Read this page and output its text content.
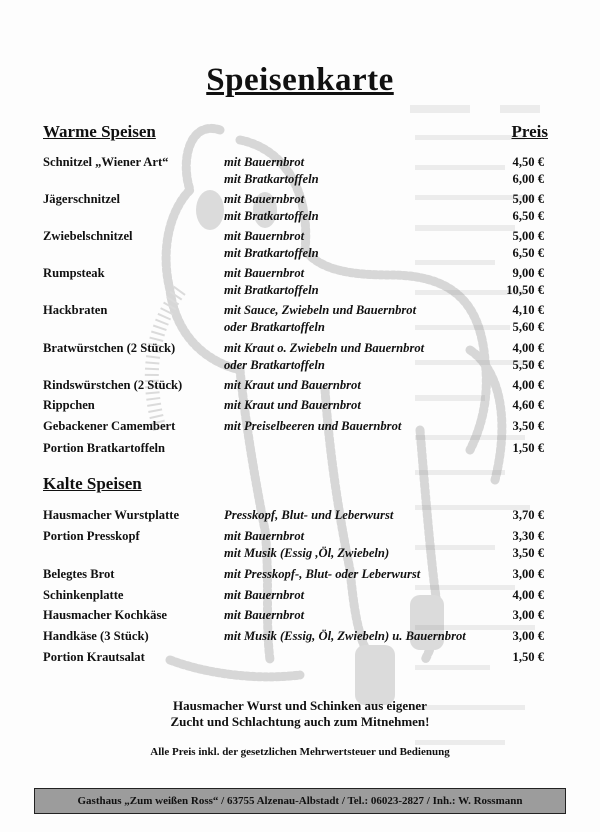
Speisenkarte
Warme Speisen	Preis
Schnitzel „Wiener Art“	mit Bauernbrot	4,50 €
mit Bratkartoffeln	6,00 €
Jägerschnitzel	mit Bauernbrot	5,00 €
mit Bratkartoffeln	6,50 €
Zwiebelschnitzel	mit Bauernbrot	5,00 €
mit Bratkartoffeln	6,50 €
Rumpsteak	mit Bauernbrot	9,00 €
mit Bratkartoffeln	10,50 €
Hackbraten	mit Sauce, Zwiebeln und Bauernbrot	4,10 €
oder Bratkartoffeln	5,60 €
Bratwürstchen (2 Stück)	mit Kraut o. Zwiebeln und Bauernbrot	4,00 €
oder Bratkartoffeln	5,50 €
Rindswürstchen (2 Stück)	mit Kraut und Bauernbrot	4,00 €
Rippchen	mit Kraut und Bauernbrot	4,60 €
Gebackener Camembert	mit Preiselbeeren und Bauernbrot	3,50 €
Portion Bratkartoffeln	1,50 €
Kalte Speisen
Hausmacher Wurstplatte	Presskopf, Blut- und Leberwurst	3,70 €
Portion Presskopf	mit Bauernbrot	3,30 €
mit Musik (Essig ,Öl, Zwiebeln)	3,50 €
Belegtes Brot	mit Presskopf-, Blut- oder Leberwurst	3,00 €
Schinkenplatte	mit Bauernbrot	4,00 €
Hausmacher Kochkäse	mit Bauernbrot	3,00 €
Handkäse (3 Stück)	mit Musik (Essig, Öl, Zwiebeln) u. Bauernbrot	3,00 €
Portion Krautsalat	1,50 €
Hausmacher Wurst und Schinken aus eigener
Zucht und Schlachtung auch zum Mitnehmen!
Alle Preis inkl. der gesetzlichen Mehrwertsteuer und Bedienung
Gasthaus „Zum weißen Ross“ / 63755 Alzenau-Albstadt / Tel.: 06023-2827 / Inh.: W. Rossmann
